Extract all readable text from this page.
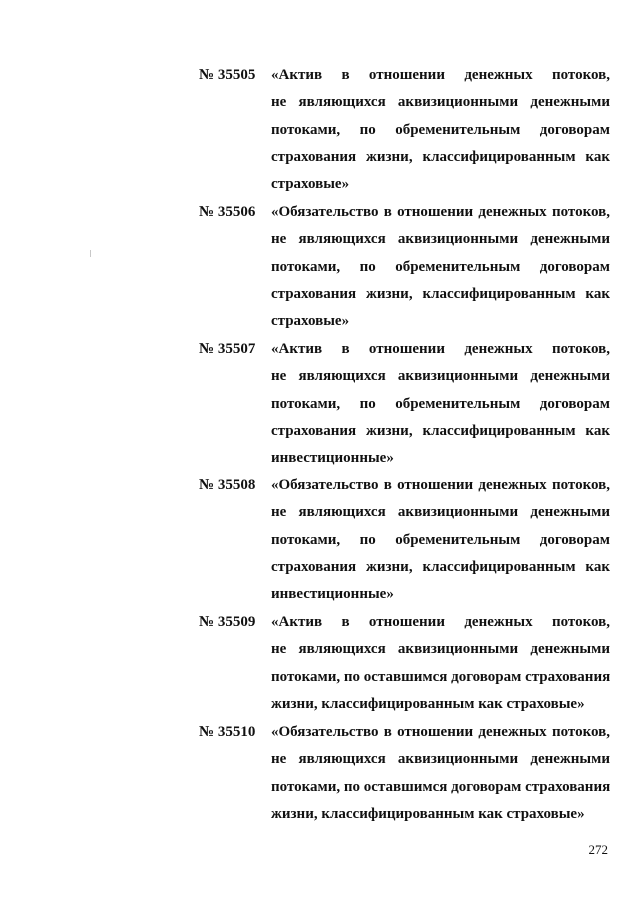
№ 35505	«Актив в отношении денежных потоков,
не являющихся аквизиционными денежными
потоками, по обременительным договорам
страхования жизни, классифицированным как
страховые»
№ 35506	«Обязательство в отношении денежных потоков,
не являющихся аквизиционными денежными
потоками, по обременительным договорам
страхования жизни, классифицированным как
страховые»
№ 35507	«Актив в отношении денежных потоков,
не являющихся аквизиционными денежными
потоками, по обременительным договорам
страхования жизни, классифицированным как
инвестиционные»
№ 35508	«Обязательство в отношении денежных потоков,
не являющихся аквизиционными денежными
потоками, по обременительным договорам
страхования жизни, классифицированным как
инвестиционные»
№ 35509	«Актив в отношении денежных потоков,
не являющихся аквизиционными денежными
потоками, по оставшимся договорам страхования
жизни, классифицированным как страховые»
№ 35510	«Обязательство в отношении денежных потоков,
не являющихся аквизиционными денежными
потоками, по оставшимся договорам страхования
жизни, классифицированным как страховые»
272
